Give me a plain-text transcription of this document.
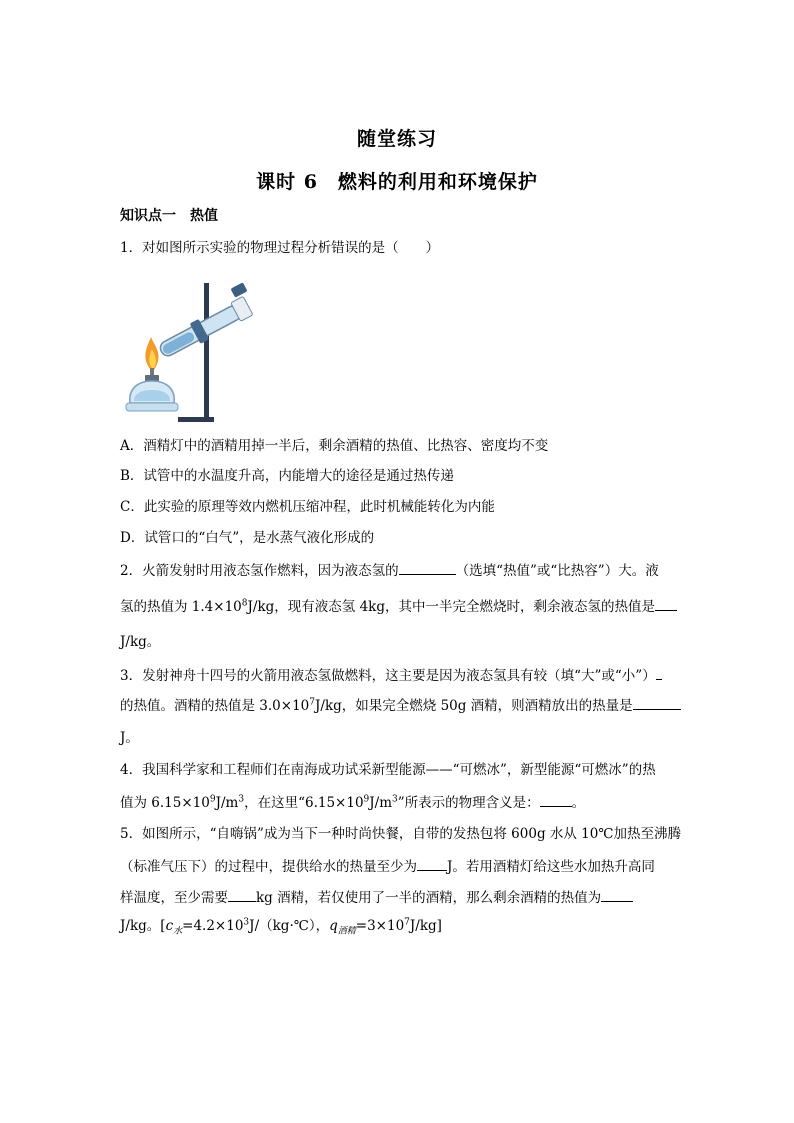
随堂练习
课时 6　燃料的利用和环境保护
知识点一　热值
1．对如图所示实验的物理过程分析错误的是（　　）
A．酒精灯中的酒精用掉一半后，剩余酒精的热值、比热容、密度均不变
B．试管中的水温度升高，内能增大的途径是通过热传递
C．此实验的原理等效内燃机压缩冲程，此时机械能转化为内能
D．试管口的“白气”，是水蒸气液化形成的
2．火箭发射时用液态氢作燃料，因为液态氢的	（选填“热值”或“比热容”）大。液
氢的热值为 $1.4\times 10^8J/kg$，现有液态氢 4kg，其中一半完全燃烧时，剩余液态氢的热值是
J/kg。
3．发射神舟十四号的火箭用液态氢做燃料，这主要是因为液态氢具有较（填“大”或“小”）
的热值。酒精的热值是 $3.0\times 10^7J/kg$，如果完全燃烧 50g 酒精，则酒精放出的热量是
J。
4．我国科学家和工程师们在南海成功试采新型能源——“可燃冰”，新型能源“可燃冰”的热
值为 $6.15\times 10^9J/m^3$，在这里“$6.15\times 10^9J/m^3$”所表示的物理含义是： 。
5．如图所示，“自嗨锅”成为当下一种时尚快餐，自带的发热包将 600g 水从 10℃加热至沸腾
（标准气压下）的过程中，提供给水的热量至少为 J。若用酒精灯给这些水加热升高同
样温度，至少需要 kg 酒精，若仅使用了一半的酒精，那么剩余酒精的热值为
J/kg。[$c_水=4.2\times 10^3J/(kg\cdot℃)$，$q_{酒精}=3\times 10^7J/kg$]
